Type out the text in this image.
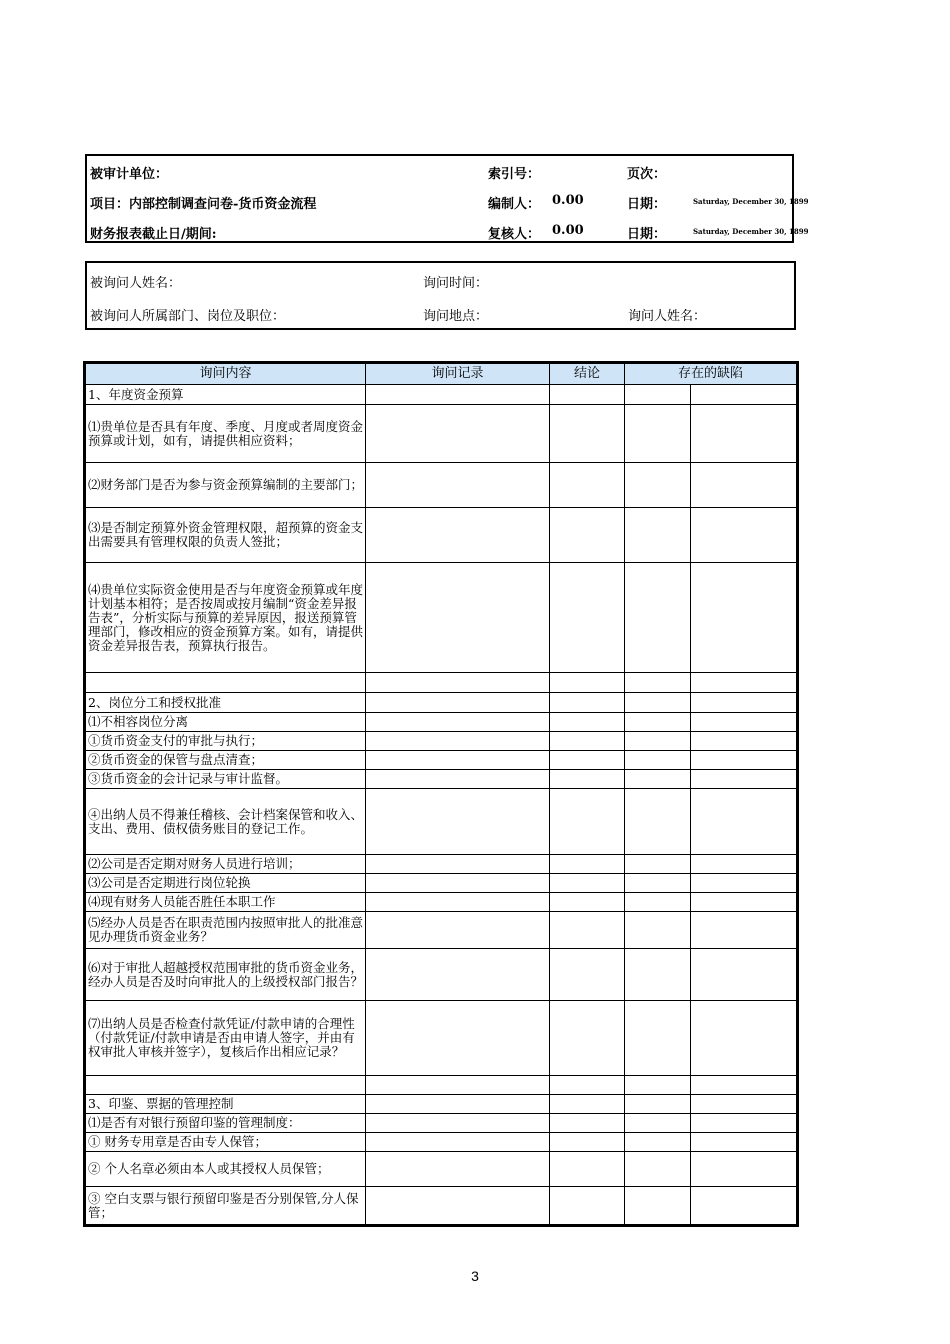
被审计单位：	索引号：	页次：
项目：内部控制调查问卷-货币资金流程	编制人： 0.00	日期：	Saturday, December 30, 1899
财务报表截止日/期间:	复核人： 0.00	日期：	Saturday, December 30, 1899
被询问人姓名：	询问时间：
被询问人所属部门、岗位及职位：	询问地点：	询问人姓名：
询问内容	询问记录	结论	存在的缺陷	
1、年度资金预算				
⑴贵单位是否具有年度、季度、月度或者周度资金预算或计划，如有，请提供相应资料；				
⑵财务部门是否为参与资金预算编制的主要部门；				
⑶是否制定预算外资金管理权限，超预算的资金支出需要具有管理权限的负责人签批；				
⑷贵单位实际资金使用是否与年度资金预算或年度计划基本相符；是否按周或按月编制“资金差异报告表”，分析实际与预算的差异原因，报送预算管理部门，修改相应的资金预算方案。如有，请提供资金差异报告表，预算执行报告。				

2、岗位分工和授权批准				
⑴不相容岗位分离				
①货币资金支付的审批与执行；				
②货币资金的保管与盘点清查；				
③货币资金的会计记录与审计监督。				
④出纳人员不得兼任稽核、会计档案保管和收入、支出、费用、债权债务账目的登记工作。				
⑵公司是否定期对财务人员进行培训；				
⑶公司是否定期进行岗位轮换				
⑷现有财务人员能否胜任本职工作				
⑸经办人员是否在职责范围内按照审批人的批准意见办理货币资金业务？				
⑹对于审批人超越授权范围审批的货币资金业务，经办人员是否及时向审批人的上级授权部门报告？				
⑺出纳人员是否检查付款凭证/付款申请的合理性（付款凭证/付款申请是否由申请人签字，并由有权审批人审核并签字），复核后作出相应记录？				

3、印鉴、票据的管理控制				
⑴是否有对银行预留印鉴的管理制度：				
① 财务专用章是否由专人保管；				
② 个人名章必须由本人或其授权人员保管；				
③ 空白支票与银行预留印鉴是否分别保管,分人保管；				
3
